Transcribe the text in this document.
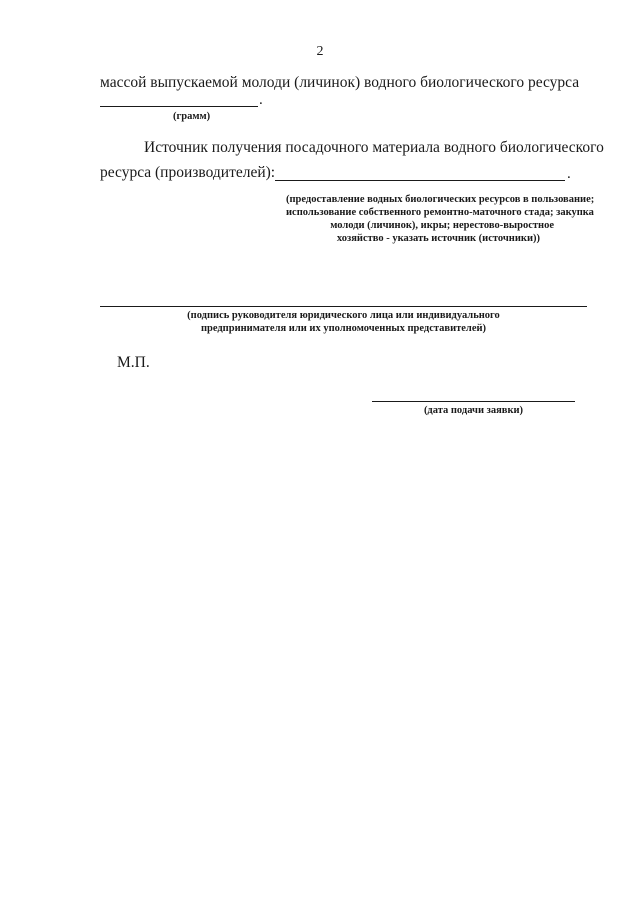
2
массой выпускаемой молоди (личинок) водного биологического ресурса
.
(грамм)
Источник получения посадочного материала водного биологического
ресурса (производителей):	.
(предоставление водных биологических ресурсов в пользование;
использование собственного ремонтно-маточного стада; закупка
молоди (личинок), икры; нерестово-выростное
хозяйство - указать источник (источники))
(подпись руководителя юридического лица или индивидуального
предпринимателя или их уполномоченных представителей)
М.П.
(дата подачи заявки)
